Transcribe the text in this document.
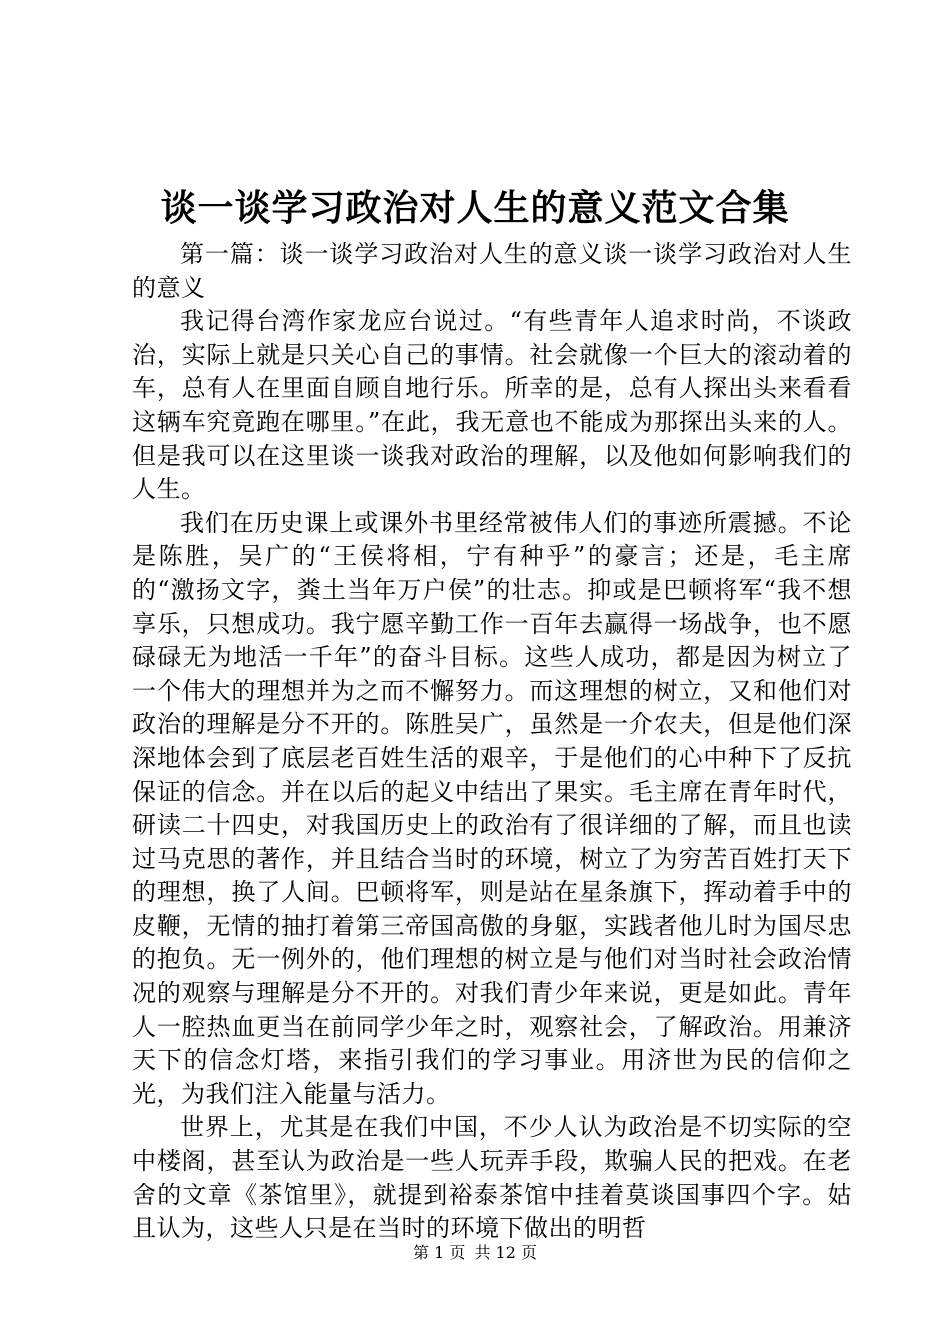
谈一谈学习政治对人生的意义范文合集

第一篇：谈一谈学习政治对人生的意义谈一谈学习政治对人生的意义

我记得台湾作家龙应台说过。“有些青年人追求时尚，不谈政治，实际上就是只关心自己的事情。社会就像一个巨大的滚动着的车，总有人在里面自顾自地行乐。所幸的是，总有人探出头来看看这辆车究竟跑在哪里。”在此，我无意也不能成为那探出头来的人。但是我可以在这里谈一谈我对政治的理解，以及他如何影响我们的人生。

我们在历史课上或课外书里经常被伟人们的事迹所震撼。不论是陈胜，吴广的“王侯将相，宁有种乎”的豪言；还是，毛主席的“激扬文字，粪土当年万户侯”的壮志。抑或是巴顿将军“我不想享乐，只想成功。我宁愿辛勤工作一百年去赢得一场战争，也不愿碌碌无为地活一千年”的奋斗目标。这些人成功，都是因为树立了一个伟大的理想并为之而不懈努力。而这理想的树立，又和他们对政治的理解是分不开的。陈胜吴广，虽然是一介农夫，但是他们深深地体会到了底层老百姓生活的艰辛，于是他们的心中种下了反抗保证的信念。并在以后的起义中结出了果实。毛主席在青年时代，研读二十四史，对我国历史上的政治有了很详细的了解，而且也读过马克思的著作，并且结合当时的环境，树立了为穷苦百姓打天下的理想，换了人间。巴顿将军，则是站在星条旗下，挥动着手中的皮鞭，无情的抽打着第三帝国高傲的身躯，实践者他儿时为国尽忠的抱负。无一例外的，他们理想的树立是与他们对当时社会政治情况的观察与理解是分不开的。对我们青少年来说，更是如此。青年人一腔热血更当在前同学少年之时，观察社会，了解政治。用兼济天下的信念灯塔，来指引我们的学习事业。用济世为民的信仰之光，为我们注入能量与活力。

世界上，尤其是在我们中国，不少人认为政治是不切实际的空中楼阁，甚至认为政治是一些人玩弄手段，欺骗人民的把戏。在老舍的文章《茶馆里》，就提到裕泰茶馆中挂着莫谈国事四个字。姑且认为，这些人只是在当时的环境下做出的明哲

第 1 页 共 12 页
